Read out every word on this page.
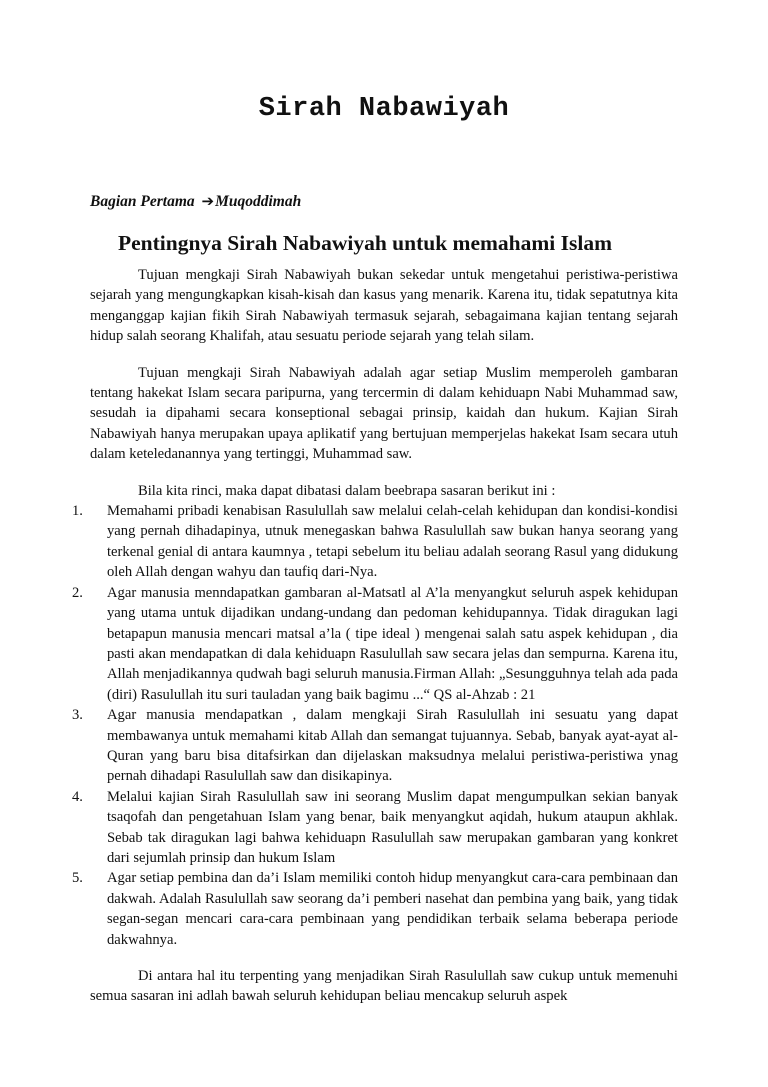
Sirah Nabawiyah
Bagian Pertama ➔Muqoddimah
Pentingnya Sirah Nabawiyah untuk memahami Islam

Tujuan mengkaji Sirah Nabawiyah bukan sekedar untuk mengetahui peristiwa-peristiwa sejarah yang mengungkapkan kisah-kisah dan kasus yang menarik. Karena itu, tidak sepatutnya kita menganggap kajian fikih Sirah Nabawiyah termasuk sejarah, sebagaimana kajian tentang sejarah hidup salah seorang Khalifah, atau sesuatu periode sejarah yang telah silam.

Tujuan mengkaji Sirah Nabawiyah adalah agar setiap Muslim memperoleh gambaran tentang hakekat Islam secara paripurna, yang tercermin di dalam kehiduapn Nabi Muhammad saw, sesudah ia dipahami secara konseptional sebagai prinsip, kaidah dan hukum. Kajian Sirah Nabawiyah hanya merupakan upaya aplikatif yang bertujuan memperjelas hakekat Isam secara utuh dalam keteledanannya yang tertinggi, Muhammad saw.

Bila kita rinci, maka dapat dibatasi dalam beebrapa sasaran berikut ini :

1.	Memahami pribadi kenabisan Rasulullah saw melalui celah-celah kehidupan dan kondisi-kondisi yang pernah dihadapinya, utnuk menegaskan bahwa Rasulullah saw bukan hanya seorang yang terkenal genial di antara kaumnya , tetapi sebelum itu beliau adalah seorang Rasul yang didukung oleh Allah dengan wahyu dan taufiq dari-Nya.
2.	Agar manusia menndapatkan gambaran al-Matsatl al A’la menyangkut seluruh aspek kehidupan yang utama untuk dijadikan undang-undang dan pedoman kehidupannya. Tidak diragukan lagi betapapun manusia mencari matsal a’la ( tipe ideal ) mengenai salah satu aspek kehidupan , dia pasti akan mendapatkan di dala kehiduapn Rasulullah saw secara jelas dan sempurna. Karena itu, Allah menjadikannya qudwah bagi seluruh manusia.Firman Allah: „Sesungguhnya telah ada pada (diri) Rasulullah itu suri tauladan yang baik bagimu ...“ QS al-Ahzab : 21
3.	Agar manusia mendapatkan , dalam mengkaji Sirah Rasulullah ini sesuatu yang dapat membawanya untuk memahami kitab Allah dan semangat tujuannya. Sebab, banyak ayat-ayat al-Quran yang baru bisa ditafsirkan dan dijelaskan maksudnya melalui peristiwa-peristiwa ynag pernah dihadapi Rasulullah saw dan disikapinya.
4.	Melalui kajian Sirah Rasulullah saw ini seorang Muslim dapat mengumpulkan sekian banyak tsaqofah dan pengetahuan Islam yang benar, baik menyangkut aqidah, hukum ataupun akhlak. Sebab tak diragukan lagi bahwa kehiduapn Rasulullah saw merupakan gambaran yang konkret dari sejumlah prinsip dan hukum Islam
5.	Agar setiap pembina dan da’i Islam memiliki contoh hidup menyangkut cara-cara pembinaan dan dakwah. Adalah Rasulullah saw seorang da’i pemberi nasehat dan pembina yang baik, yang tidak segan-segan mencari cara-cara pembinaan yang pendidikan terbaik selama beberapa periode dakwahnya.

Di antara hal itu terpenting yang menjadikan Sirah Rasulullah saw cukup untuk memenuhi semua sasaran ini adlah bawah seluruh kehidupan beliau mencakup seluruh aspek
